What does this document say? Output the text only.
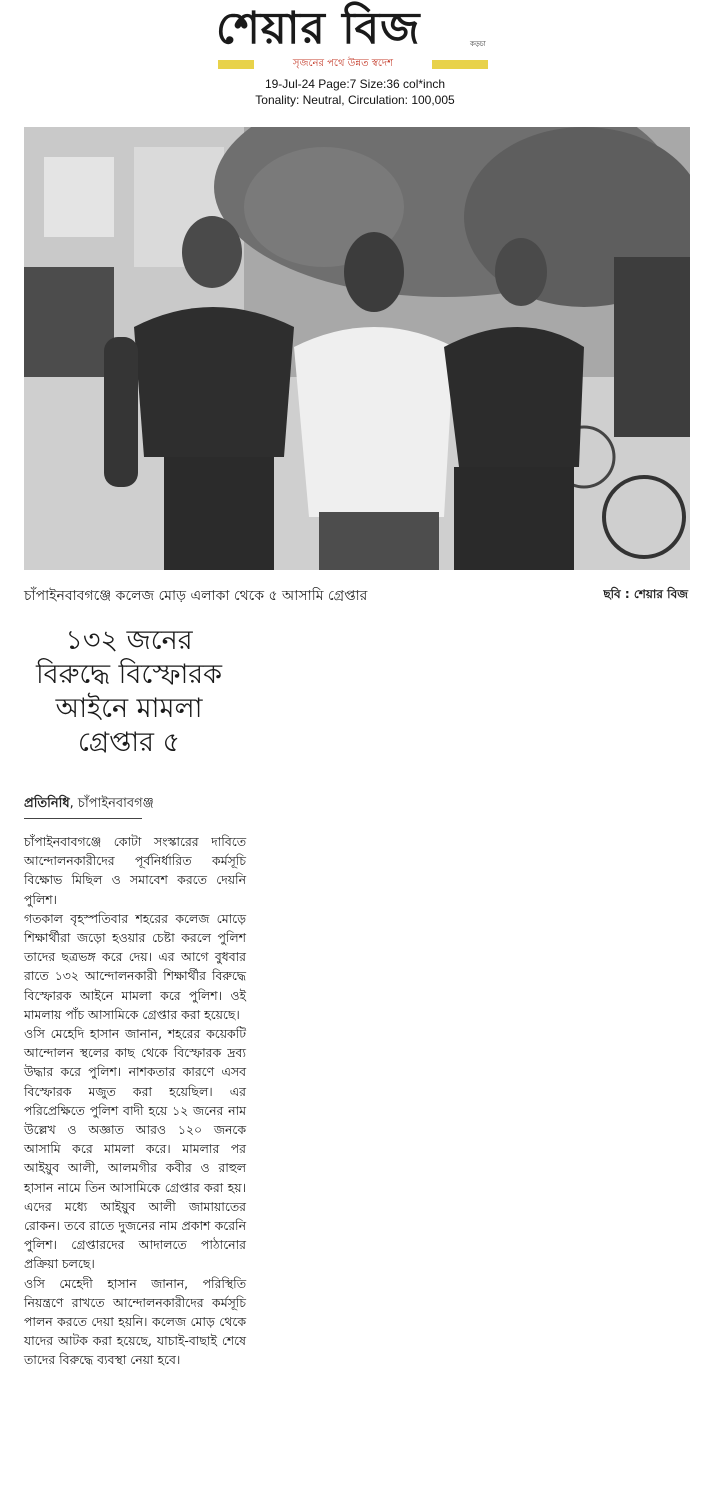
শেয়ার বিজ	কড়চা
সৃজনের পথে উন্নত স্বদেশ
19-Jul-24 Page:7 Size:36 col*inch
Tonality: Neutral, Circulation: 100,005
চাঁপাইনবাবগঞ্জে কলেজ মোড় এলাকা থেকে ৫ আসামি গ্রেপ্তার	ছবি : শেয়ার বিজ
১৩২ জনের
বিরুদ্ধে বিস্ফোরক
আইনে মামলা
গ্রেপ্তার ৫
প্রতিনিধি, চাঁপাইনবাবগঞ্জ

চাঁপাইনবাবগঞ্জে কোটা সংস্কারের দাবিতে আন্দোলনকারীদের পূর্বনির্ধারিত কর্মসূচি বিক্ষোভ মিছিল ও সমাবেশ করতে দেয়নি পুলিশ।

গতকাল বৃহস্পতিবার শহরের কলেজ মোড়ে শিক্ষার্থীরা জড়ো হওয়ার চেষ্টা করলে পুলিশ তাদের ছত্রভঙ্গ করে দেয়। এর আগে বুধবার রাতে ১৩২ আন্দোলনকারী শিক্ষার্থীর বিরুদ্ধে বিস্ফোরক আইনে মামলা করে পুলিশ। ওই মামলায় পাঁচ আসামিকে গ্রেপ্তার করা হয়েছে।

ওসি মেহেদি হাসান জানান, শহরের কয়েকটি আন্দোলন স্থলের কাছ থেকে বিস্ফোরক দ্রব্য উদ্ধার করে পুলিশ। নাশকতার কারণে এসব বিস্ফোরক মজুত করা হয়েছিল। এর পরিপ্রেক্ষিতে পুলিশ বাদী হয়ে ১২ জনের নাম উল্লেখ ও অজ্ঞাত আরও ১২০ জনকে আসামি করে মামলা করে। মামলার পর আইয়ুব আলী, আলমগীর কবীর ও রাহুল হাসান নামে তিন আসামিকে গ্রেপ্তার করা হয়। এদের মধ্যে আইয়ুব আলী জামায়াতের রোকন। তবে রাতে দুজনের নাম প্রকাশ করেনি পুলিশ। গ্রেপ্তারদের আদালতে পাঠানোর প্রক্রিয়া চলছে।

ওসি মেহেদী হাসান জানান, পরিস্থিতি নিয়ন্ত্রণে রাখতে আন্দোলনকারীদের কর্মসূচি পালন করতে দেয়া হয়নি। কলেজ মোড় থেকে যাদের আটক করা হয়েছে, যাচাই-বাছাই শেষে তাদের বিরুদ্ধে ব্যবস্থা নেয়া হবে।
